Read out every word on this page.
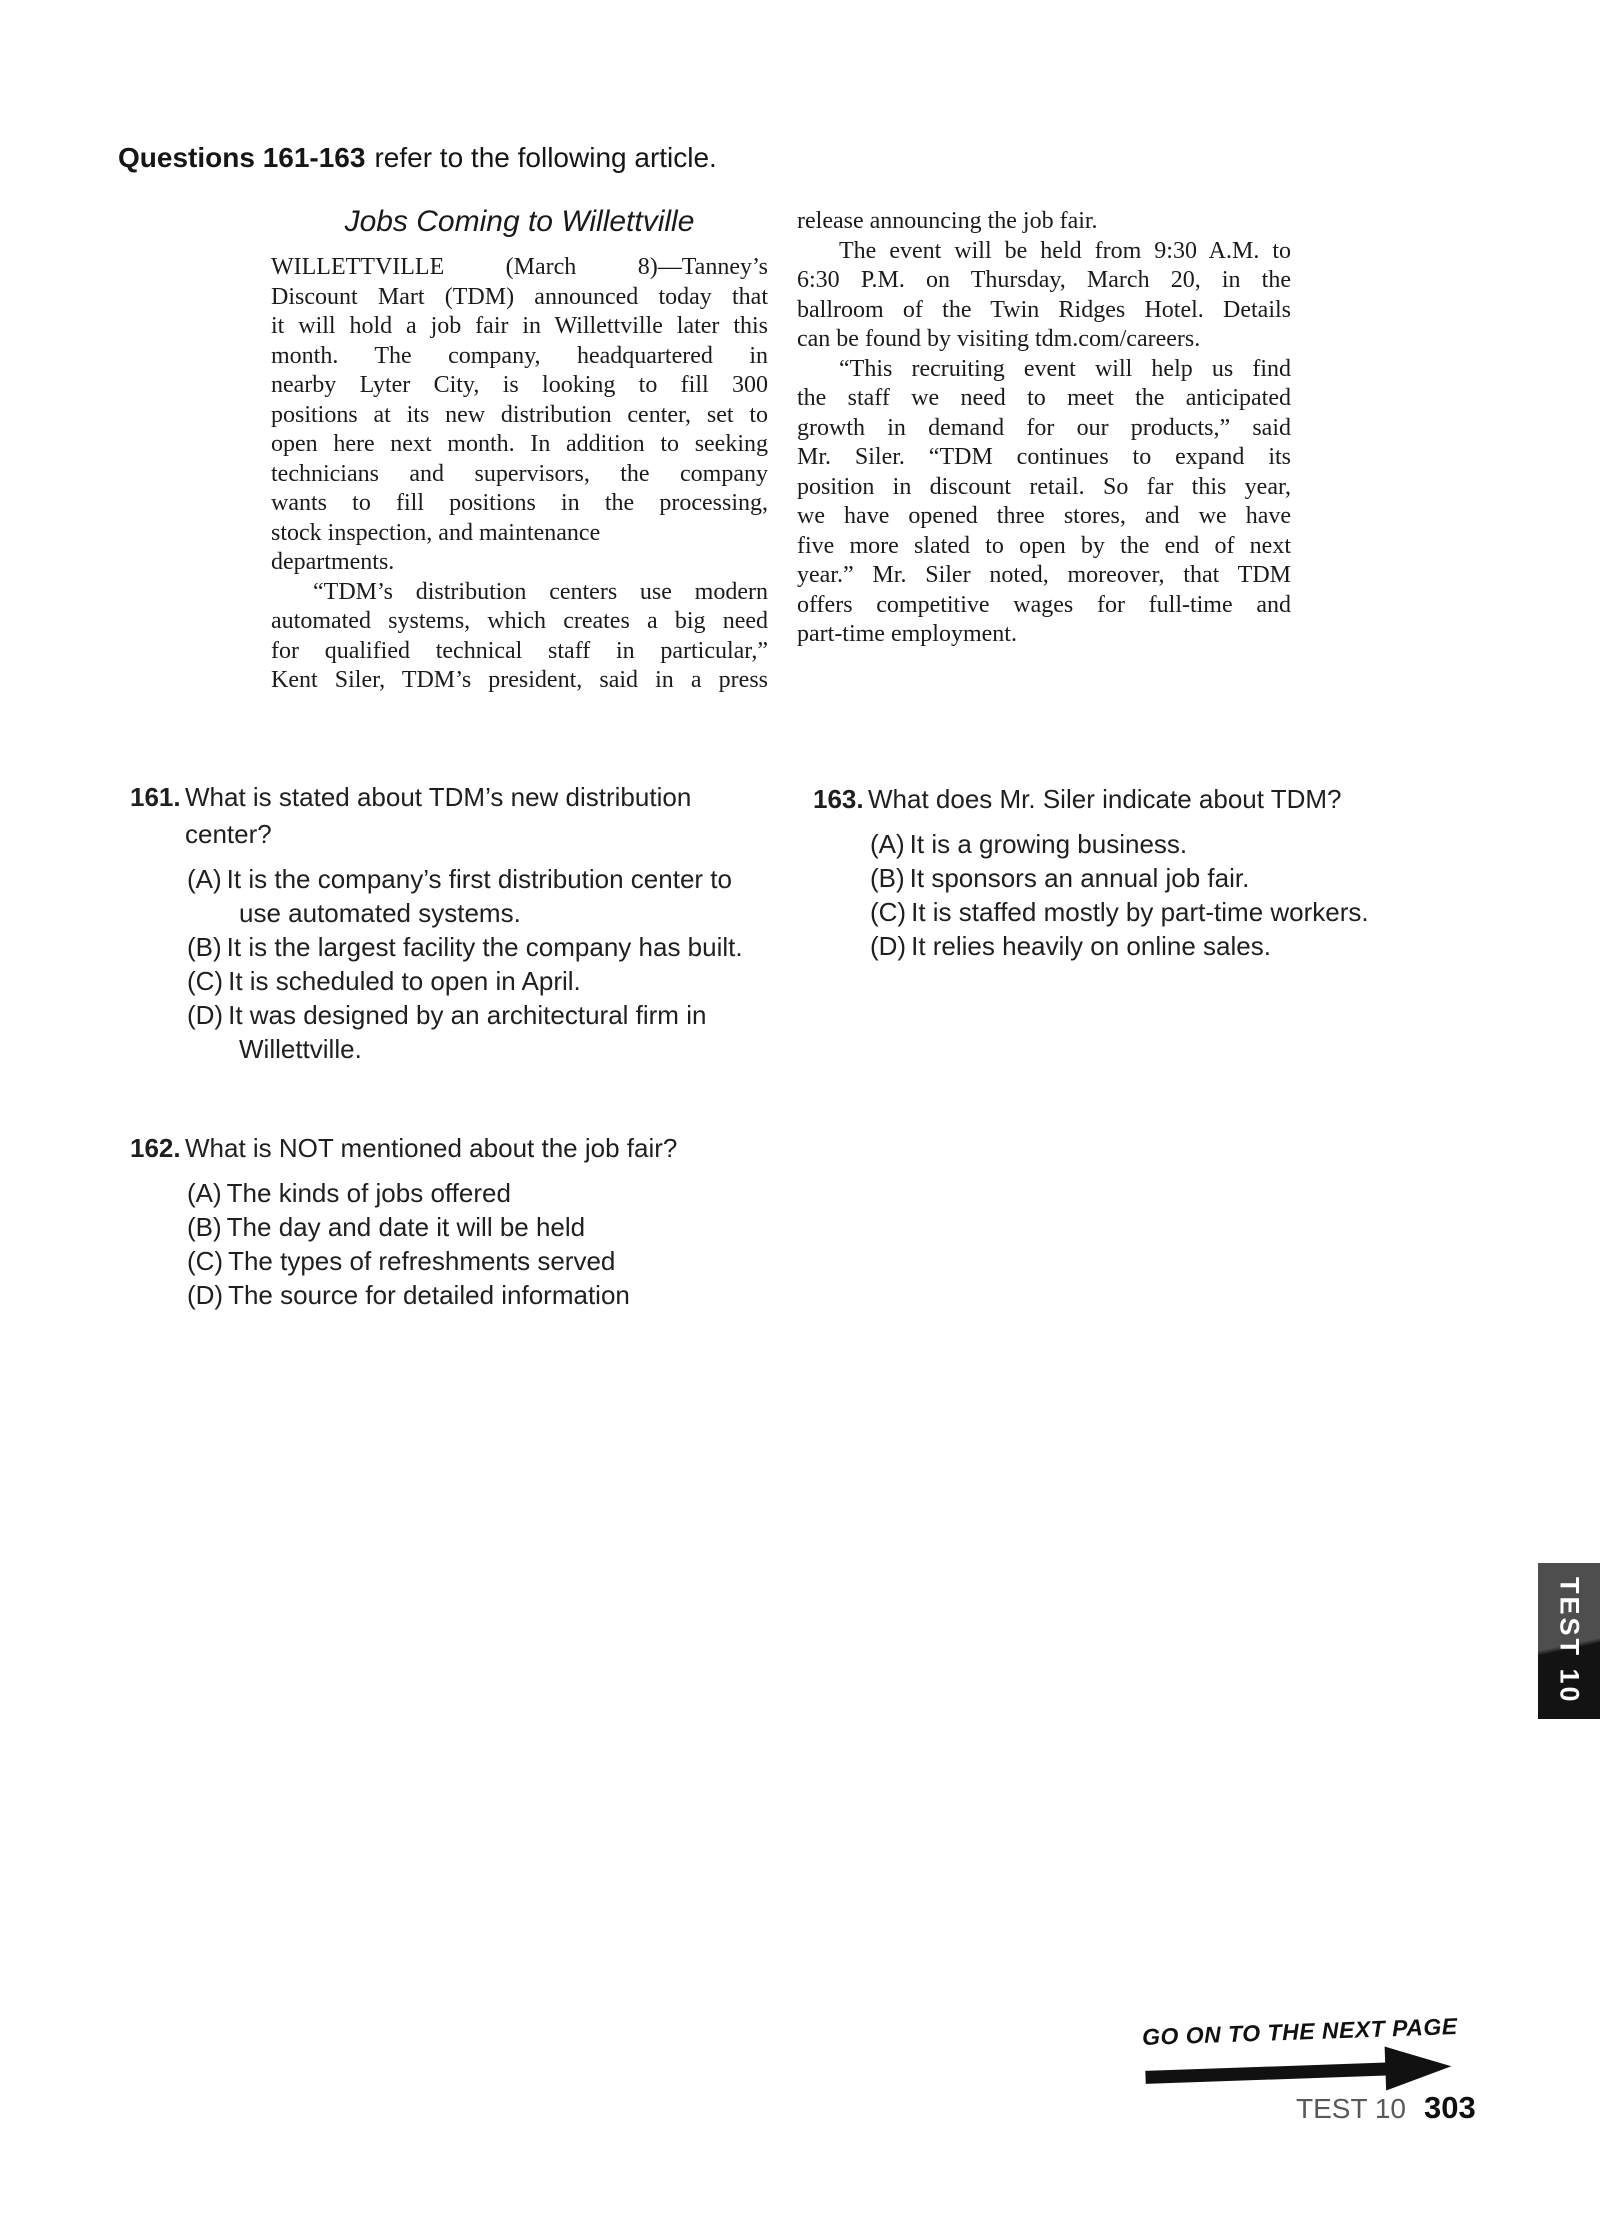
Questions 161-163 refer to the following article.
Jobs Coming to Willettville
WILLETTVILLE (March 8)—Tanney’s
Discount Mart (TDM) announced today that
it will hold a job fair in Willettville later this
month. The company, headquartered in
nearby Lyter City, is looking to fill 300
positions at its new distribution center, set to
open here next month. In addition to seeking
technicians and supervisors, the company
wants to fill positions in the processing,
stock inspection, and maintenance
departments.
“TDM’s distribution centers use modern
automated systems, which creates a big need
for qualified technical staff in particular,”
Kent Siler, TDM’s president, said in a press
release announcing the job fair.
The event will be held from 9:30 A.M. to
6:30 P.M. on Thursday, March 20, in the
ballroom of the Twin Ridges Hotel. Details
can be found by visiting tdm.com/careers.
“This recruiting event will help us find
the staff we need to meet the anticipated
growth in demand for our products,” said
Mr. Siler. “TDM continues to expand its
position in discount retail. So far this year,
we have opened three stores, and we have
five more slated to open by the end of next
year.” Mr. Siler noted, moreover, that TDM
offers competitive wages for full-time and
part-time employment.
161. What is stated about TDM’s new distribution center?
(A) It is the company’s first distribution center to use automated systems.
(B) It is the largest facility the company has built.
(C) It is scheduled to open in April.
(D) It was designed by an architectural firm in Willettville.
162. What is NOT mentioned about the job fair?
(A) The kinds of jobs offered
(B) The day and date it will be held
(C) The types of refreshments served
(D) The source for detailed information
163. What does Mr. Siler indicate about TDM?
(A) It is a growing business.
(B) It sponsors an annual job fair.
(C) It is staffed mostly by part-time workers.
(D) It relies heavily on online sales.
TEST 10
GO ON TO THE NEXT PAGE
TEST 10 303
